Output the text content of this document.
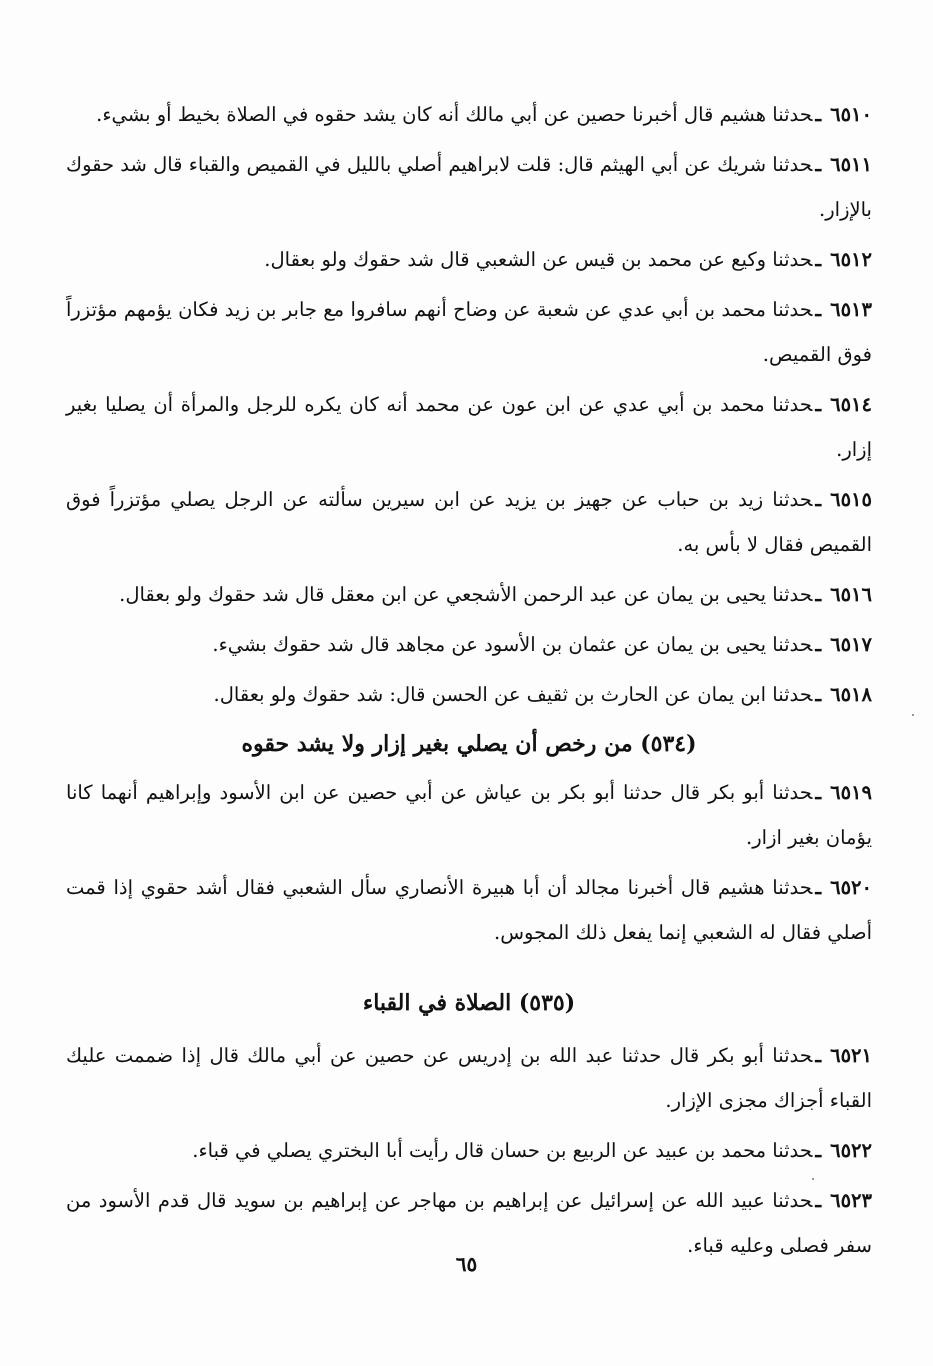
٦٥١٠ـحدثنا هشيم قال أخبرنا حصين عن أبي مالك أنه كان يشد حقوه في الصلاة بخيط أو بشيء.

٦٥١١ـحدثنا شريك عن أبي الهيثم قال: قلت لابراهيم أصلي بالليل في القميص والقباء قال شد حقوك بالإزار.

٦٥١٢ـحدثنا وكيع عن محمد بن قيس عن الشعبي قال شد حقوك ولو بعقال.

٦٥١٣ـحدثنا محمد بن أبي عدي عن شعبة عن وضاح أنهم سافروا مع جابر بن زيد فكان يؤمهم مؤتزراً فوق القميص.

٦٥١٤ـحدثنا محمد بن أبي عدي عن ابن عون عن محمد أنه كان يكره للرجل والمرأة أن يصليا بغير إزار.

٦٥١٥ـحدثنا زيد بن حباب عن جهيز بن يزيد عن ابن سيرين سألته عن الرجل يصلي مؤتزراً فوق القميص فقال لا بأس به.

٦٥١٦ـحدثنا يحيى بن يمان عن عبد الرحمن الأشجعي عن ابن معقل قال شد حقوك ولو بعقال.

٦٥١٧ـحدثنا يحيى بن يمان عن عثمان بن الأسود عن مجاهد قال شد حقوك بشيء.

٦٥١٨ـحدثنا ابن يمان عن الحارث بن ثقيف عن الحسن قال: شد حقوك ولو بعقال.

(٥٣٤) من رخص أن يصلي بغير إزار ولا يشد حقوه

٦٥١٩ـحدثنا أبو بكر قال حدثنا أبو بكر بن عياش عن أبي حصين عن ابن الأسود وإبراهيم أنهما كانا يؤمان بغير ازار.

٦٥٢٠ـحدثنا هشيم قال أخبرنا مجالد أن أبا هبيرة الأنصاري سأل الشعبي فقال أشد حقوي إذا قمت أصلي فقال له الشعبي إنما يفعل ذلك المجوس.

(٥٣٥) الصلاة في القباء

٦٥٢١ـحدثنا أبو بكر قال حدثنا عبد الله بن إدريس عن حصين عن أبي مالك قال إذا ضممت عليك القباء أجزاك مجزى الإزار.

٦٥٢٢ـحدثنا محمد بن عبيد عن الربيع بن حسان قال رأيت أبا البختري يصلي في قباء.

٦٥٢٣ـحدثنا عبيد الله عن إسرائيل عن إبراهيم بن مهاجر عن إبراهيم بن سويد قال قدم الأسود من سفر فصلى وعليه قباء.

٦٥
